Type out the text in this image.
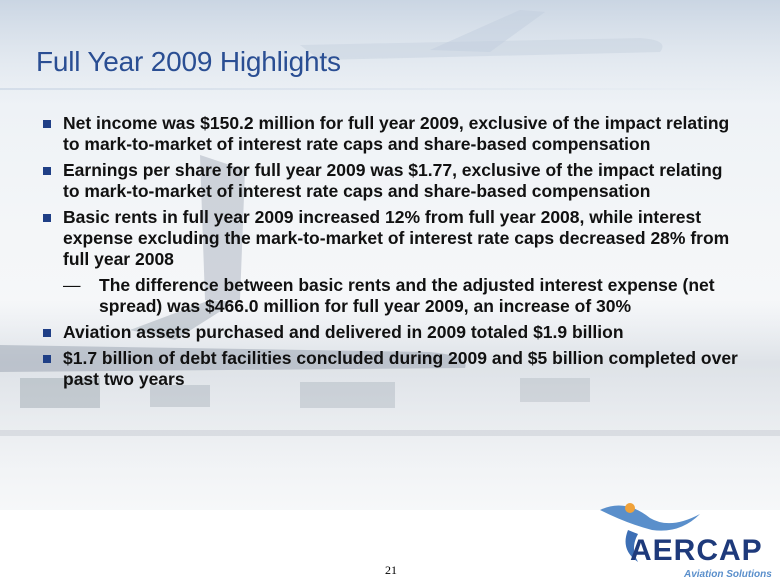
Full Year 2009 Highlights
Net income was $150.2 million for full year 2009, exclusive of the impact relating to mark-to-market of interest rate caps and share-based compensation
Earnings per share for full year 2009 was $1.77, exclusive of the impact relating to mark-to-market of interest rate caps and share-based compensation
Basic rents in full year 2009 increased 12% from full year 2008, while interest expense excluding the mark-to-market of interest rate caps decreased 28% from full year 2008
— The difference between basic rents and the adjusted interest expense (net spread) was $466.0 million for full year 2009, an increase of 30%
Aviation assets purchased and delivered in 2009 totaled $1.9 billion
$1.7 billion of debt facilities concluded during 2009 and $5 billion completed over past two years
21
AERCAP
Aviation Solutions
